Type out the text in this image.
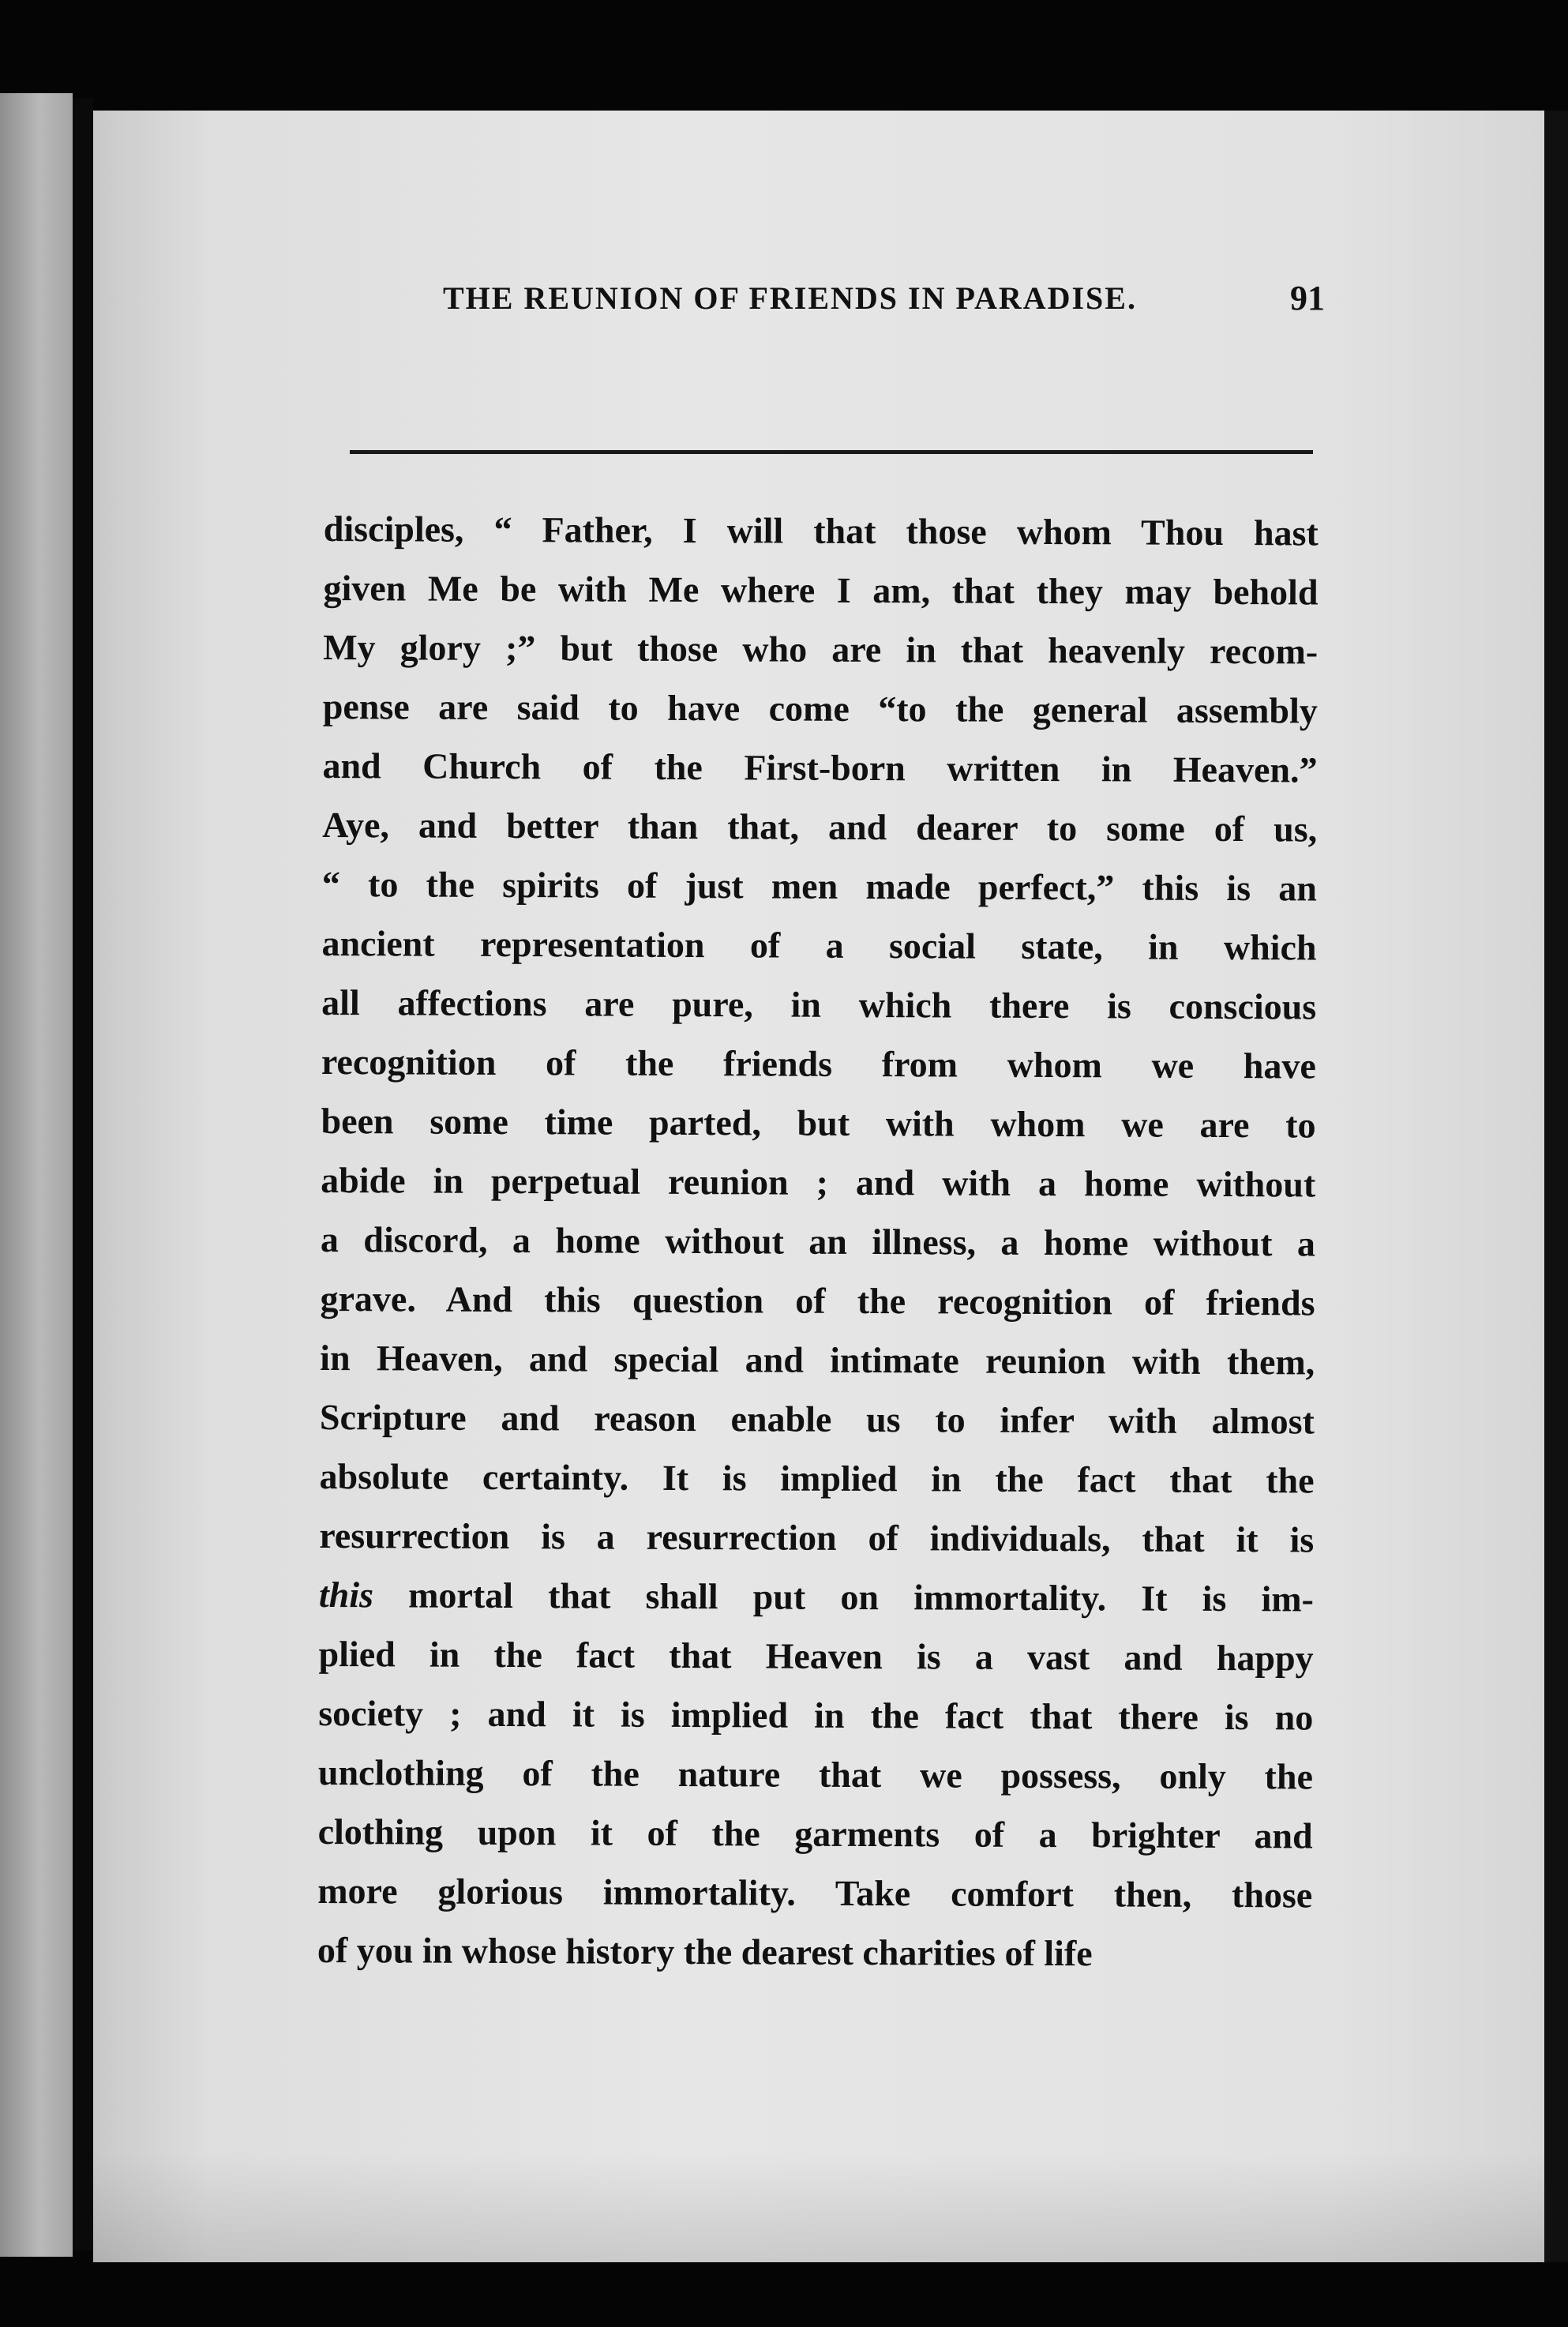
THE REUNION OF FRIENDS IN PARADISE.	91
disciples, “ Father, I will that those whom Thou hast
given Me be with Me where I am, that they may behold
My glory ;” but those who are in that heavenly recom-
pense are said to have come “to the general assembly
and Church of the First-born written in Heaven.”
Aye, and better than that, and dearer to some of us,
“ to the spirits of just men made perfect,” this is an
ancient representation of a social state, in which
all affections are pure, in which there is conscious
recognition of the friends from whom we have
been some time parted, but with whom we are to
abide in perpetual reunion ; and with a home without
a discord, a home without an illness, a home without a
grave. And this question of the recognition of friends
in Heaven, and special and intimate reunion with them,
Scripture and reason enable us to infer with almost
absolute certainty. It is implied in the fact that the
resurrection is a resurrection of individuals, that it is
this mortal that shall put on immortality. It is im-
plied in the fact that Heaven is a vast and happy
society ; and it is implied in the fact that there is no
unclothing of the nature that we possess, only the
clothing upon it of the garments of a brighter and
more glorious immortality. Take comfort then, those
of you in whose history the dearest charities of life
